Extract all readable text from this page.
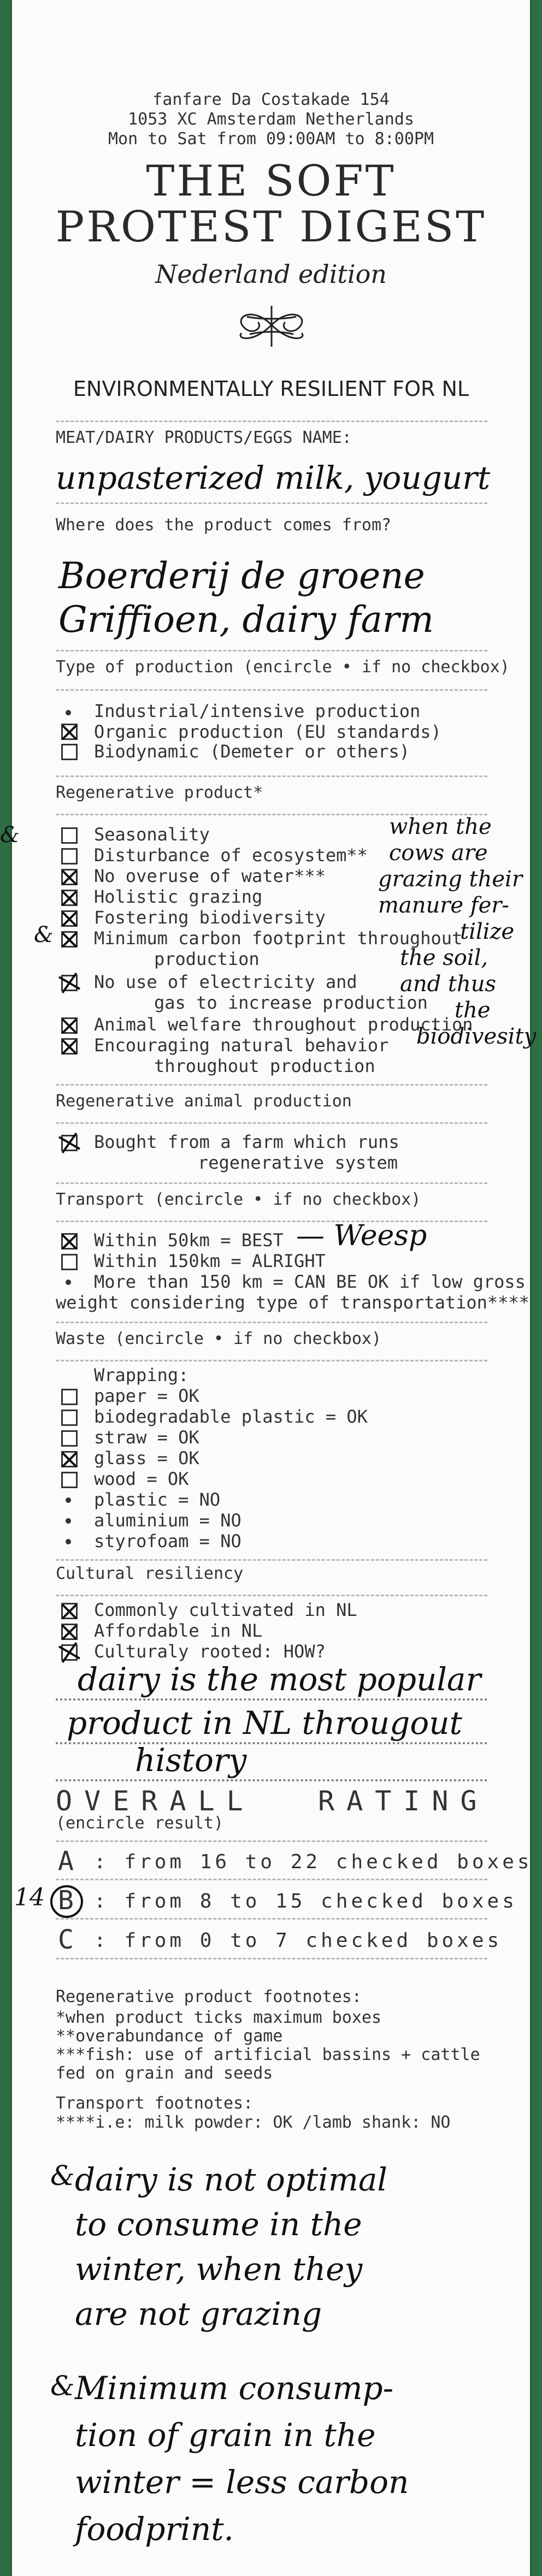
fanfare Da Costakade 154
1053 XC Amsterdam Netherlands
Mon to Sat from 09:00AM to 8:00PM
THE SOFT
PROTEST DIGEST
Nederland edition
ENVIRONMENTALLY RESILIENT FOR NL
MEAT/DAIRY PRODUCTS/EGGS NAME:
unpasterized milk, yougurt
Where does the product comes from?
Boerderij de groene
Griffioen, dairy farm
Type of production (encircle • if no checkbox)
Industrial/intensive production
Organic production (EU standards)
Biodynamic (Demeter or others)
Regenerative product*
&	Seasonality
Disturbance of ecosystem**
No overuse of water***
Holistic grazing
Fostering biodiversity
& Minimum carbon footprint throughout
production
No use of electricity and
gas to increase production
Animal welfare throughout production
Encouraging natural behavior
throughout production
when the
cows are
grazing their
manure fer-
tilize
the soil,
and thus
the
biodivesity
Regenerative animal production
Bought from a farm which runs
regenerative system
Transport (encircle • if no checkbox)
Within 50km = BEST — Weesp
Within 150km = ALRIGHT
More than 150 km = CAN BE OK if low gross
weight considering type of transportation****
Waste (encircle • if no checkbox)
Wrapping:
paper = OK
biodegradable plastic = OK
straw = OK
glass = OK
wood = OK
plastic = NO
aluminium = NO
styrofoam = NO
Cultural resiliency
Commonly cultivated in NL
Affordable in NL
Culturaly rooted: HOW?
dairy is the most popular
product in NL througout
history
OVERALL RATING
(encircle result)
A : from 16 to 22 checked boxes
14 B : from 8 to 15 checked boxes
C : from 0 to 7 checked boxes
Regenerative product footnotes:
*when product ticks maximum boxes
**overabundance of game
***fish: use of artificial bassins + cattle
fed on grain and seeds
Transport footnotes:
****i.e: milk powder: OK /lamb shank: NO
& dairy is not optimal
to consume in the
winter, when they
are not grazing
& Minimum consump-
tion of grain in the
winter = less carbon
foodprint.
